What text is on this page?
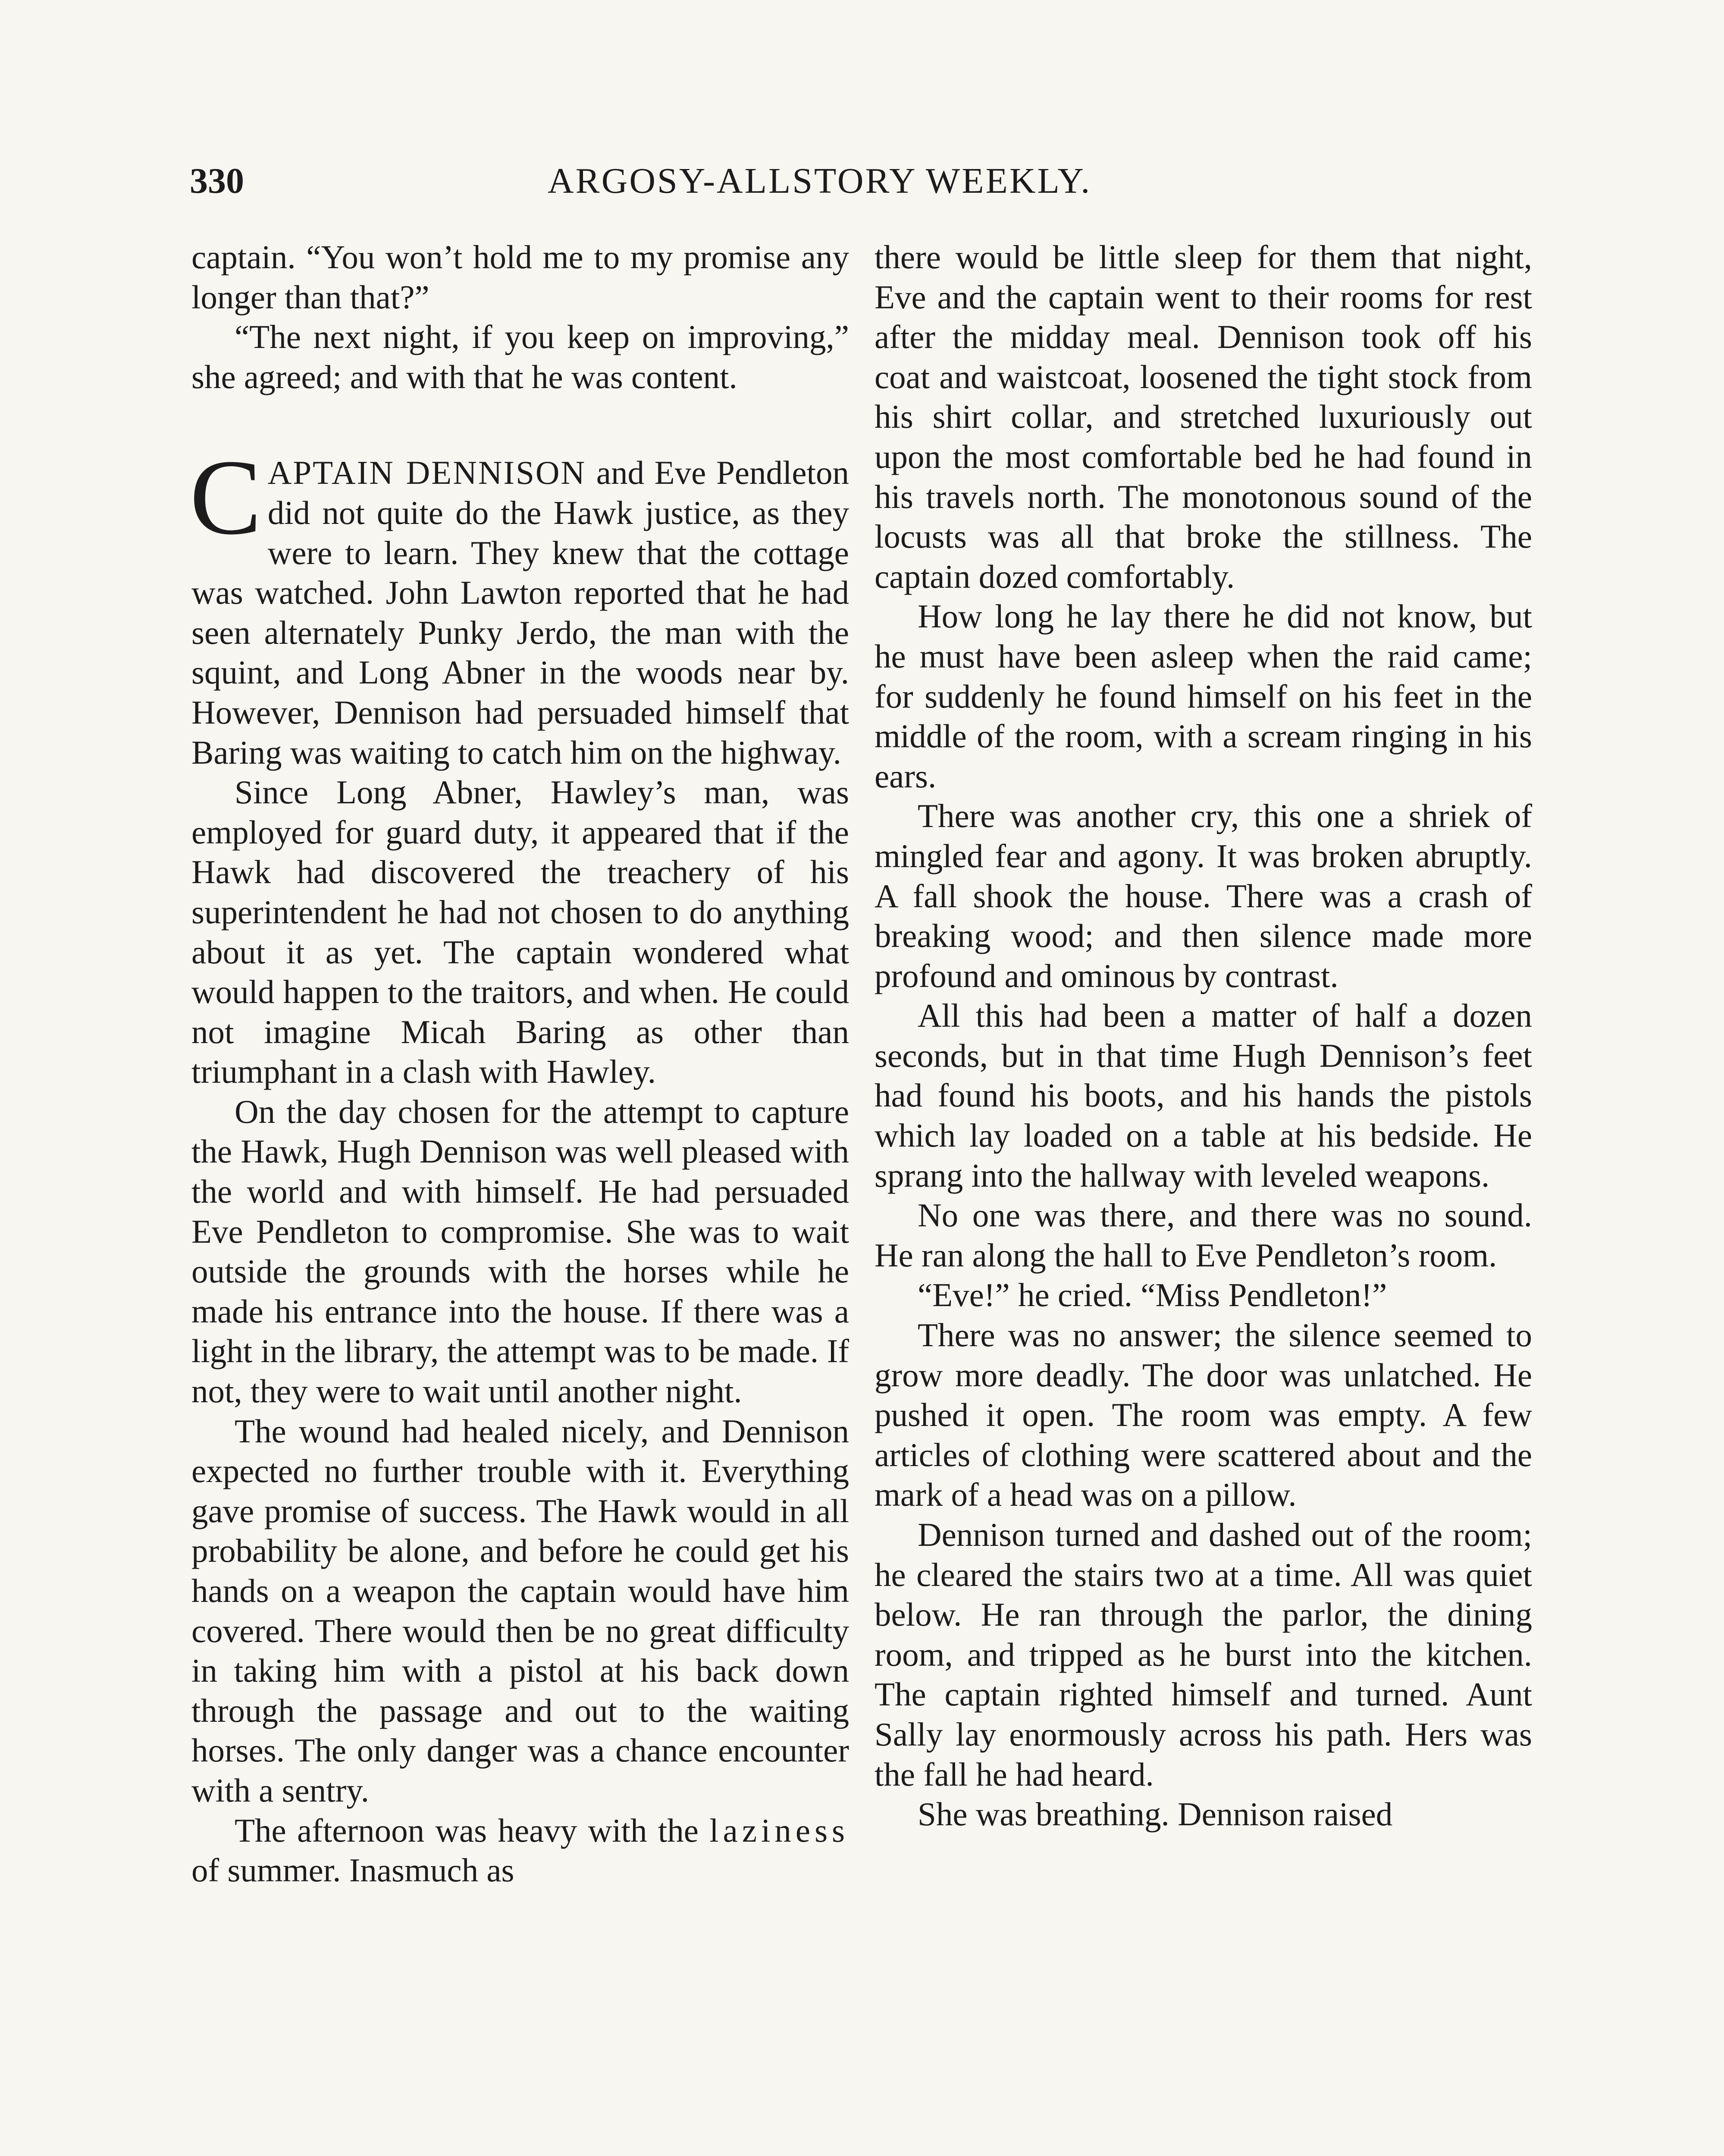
330	ARGOSY-ALLSTORY WEEKLY.

captain. “You won’t hold me to my promise any longer than that?”

“The next night, if you keep on improving,” she agreed; and with that he was content.

CAPTAIN DENNISON and Eve Pendleton did not quite do the Hawk justice, as they were to learn. They knew that the cottage was watched. John Lawton reported that he had seen alternately Punky Jerdo, the man with the squint, and Long Abner in the woods near by. However, Dennison had persuaded himself that Baring was waiting to catch him on the highway.

Since Long Abner, Hawley’s man, was employed for guard duty, it appeared that if the Hawk had discovered the treachery of his superintendent he had not chosen to do anything about it as yet. The captain wondered what would happen to the traitors, and when. He could not imagine Micah Baring as other than triumphant in a clash with Hawley.

On the day chosen for the attempt to capture the Hawk, Hugh Dennison was well pleased with the world and with himself. He had persuaded Eve Pendleton to compromise. She was to wait outside the grounds with the horses while he made his entrance into the house. If there was a light in the library, the attempt was to be made. If not, they were to wait until another night.

The wound had healed nicely, and Dennison expected no further trouble with it. Everything gave promise of success. The Hawk would in all probability be alone, and before he could get his hands on a weapon the captain would have him covered. There would then be no great difficulty in taking him with a pistol at his back down through the passage and out to the waiting horses. The only danger was a chance encounter with a sentry.

The afternoon was heavy with the laziness of summer. Inasmuch as

there would be little sleep for them that night, Eve and the captain went to their rooms for rest after the midday meal. Dennison took off his coat and waistcoat, loosened the tight stock from his shirt collar, and stretched luxuriously out upon the most comfortable bed he had found in his travels north. The monotonous sound of the locusts was all that broke the stillness. The captain dozed comfortably.

How long he lay there he did not know, but he must have been asleep when the raid came; for suddenly he found himself on his feet in the middle of the room, with a scream ringing in his ears.

There was another cry, this one a shriek of mingled fear and agony. It was broken abruptly. A fall shook the house. There was a crash of breaking wood; and then silence made more profound and ominous by contrast.

All this had been a matter of half a dozen seconds, but in that time Hugh Dennison’s feet had found his boots, and his hands the pistols which lay loaded on a table at his bedside. He sprang into the hallway with leveled weapons.

No one was there, and there was no sound. He ran along the hall to Eve Pendleton’s room.

“Eve!” he cried. “Miss Pendleton!”

There was no answer; the silence seemed to grow more deadly. The door was unlatched. He pushed it open. The room was empty. A few articles of clothing were scattered about and the mark of a head was on a pillow.

Dennison turned and dashed out of the room; he cleared the stairs two at a time. All was quiet below. He ran through the parlor, the dining room, and tripped as he burst into the kitchen. The captain righted himself and turned. Aunt Sally lay enormously across his path. Hers was the fall he had heard.

She was breathing. Dennison raised
